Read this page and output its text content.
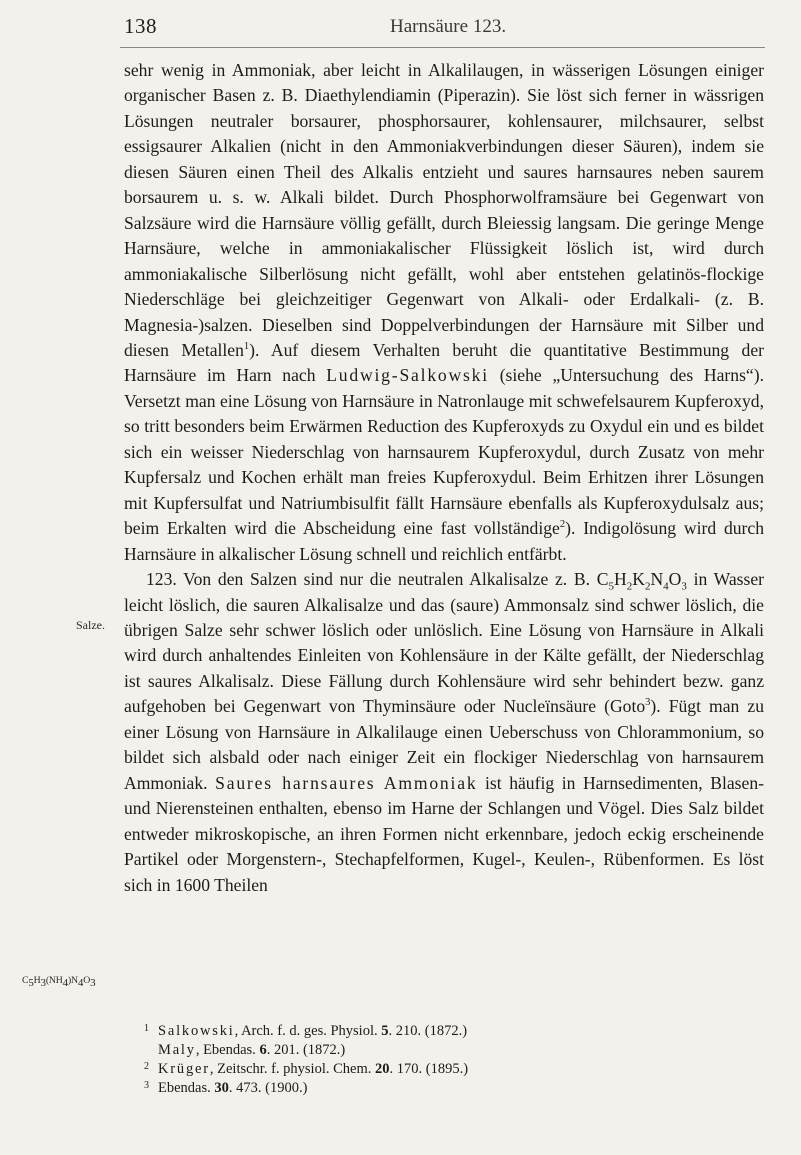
138	Harnsäure 123.
Salze.
$C_5H_3(NH_4)N_4O_3$

sehr wenig in Ammoniak, aber leicht in Alkalilaugen, in wässerigen Lösungen einiger organischer Basen z. B. Diaethylendiamin (Piperazin). Sie löst sich ferner in wässrigen Lösungen neutraler borsaurer, phosphorsaurer, kohlensaurer, milchsaurer, selbst essigsaurer Alkalien (nicht in den Ammoniakverbindungen dieser Säuren), indem sie diesen Säuren einen Theil des Alkalis entzieht und saures harnsaures neben saurem borsaurem u. s. w. Alkali bildet. Durch Phosphorwolframsäure bei Gegenwart von Salzsäure wird die Harnsäure völlig gefällt, durch Bleiessig langsam. Die geringe Menge Harnsäure, welche in ammoniakalischer Flüssigkeit löslich ist, wird durch ammoniakalische Silberlösung nicht gefällt, wohl aber entstehen gelatinös-flockige Niederschläge bei gleichzeitiger Gegenwart von Alkali- oder Erdalkali- (z. B. Magnesia-)salzen. Dieselben sind Doppelverbindungen der Harnsäure mit Silber und diesen Metallen$^1$). Auf diesem Verhalten beruht die quantitative Bestimmung der Harnsäure im Harn nach Ludwig-Salkowski (siehe „Untersuchung des Harns“). Versetzt man eine Lösung von Harnsäure in Natronlauge mit schwefelsaurem Kupferoxyd, so tritt besonders beim Erwärmen Reduction des Kupferoxyds zu Oxydul ein und es bildet sich ein weisser Niederschlag von harnsaurem Kupferoxydul, durch Zusatz von mehr Kupfersalz und Kochen erhält man freies Kupferoxydul. Beim Erhitzen ihrer Lösungen mit Kupfersulfat und Natriumbisulfit fällt Harnsäure ebenfalls als Kupferoxydulsalz aus; beim Erkalten wird die Abscheidung eine fast vollständige$^2$). Indigolösung wird durch Harnsäure in alkalischer Lösung schnell und reichlich entfärbt.

123. Von den Salzen sind nur die neutralen Alkalisalze z. B. $C_5H_2K_2N_4O_3$ in Wasser leicht löslich, die sauren Alkalisalze und das (saure) Ammonsalz sind schwer löslich, die übrigen Salze sehr schwer löslich oder unlöslich. Eine Lösung von Harnsäure in Alkali wird durch anhaltendes Einleiten von Kohlensäure in der Kälte gefällt, der Niederschlag ist saures Alkalisalz. Diese Fällung durch Kohlensäure wird sehr behindert bezw. ganz aufgehoben bei Gegenwart von Thyminsäure oder Nucleïnsäure (Goto$^3$). Fügt man zu einer Lösung von Harnsäure in Alkalilauge einen Ueberschuss von Chlorammonium, so bildet sich alsbald oder nach einiger Zeit ein flockiger Niederschlag von harnsaurem Ammoniak. Saures harnsaures Ammoniak ist häufig in Harnsedimenten, Blasen- und Nierensteinen enthalten, ebenso im Harne der Schlangen und Vögel. Dies Salz bildet entweder mikroskopische, an ihren Formen nicht erkennbare, jedoch eckig erscheinende Partikel oder Morgenstern-, Stechapfelformen, Kugel-, Keulen-, Rübenformen. Es löst sich in 1600 Theilen

1 Salkowski, Arch. f. d. ges. Physiol. 5. 210. (1872.)
Maly, Ebendas. 6. 201. (1872.)
2 Krüger, Zeitschr. f. physiol. Chem. 20. 170. (1895.)
3 Ebendas. 30. 473. (1900.)
